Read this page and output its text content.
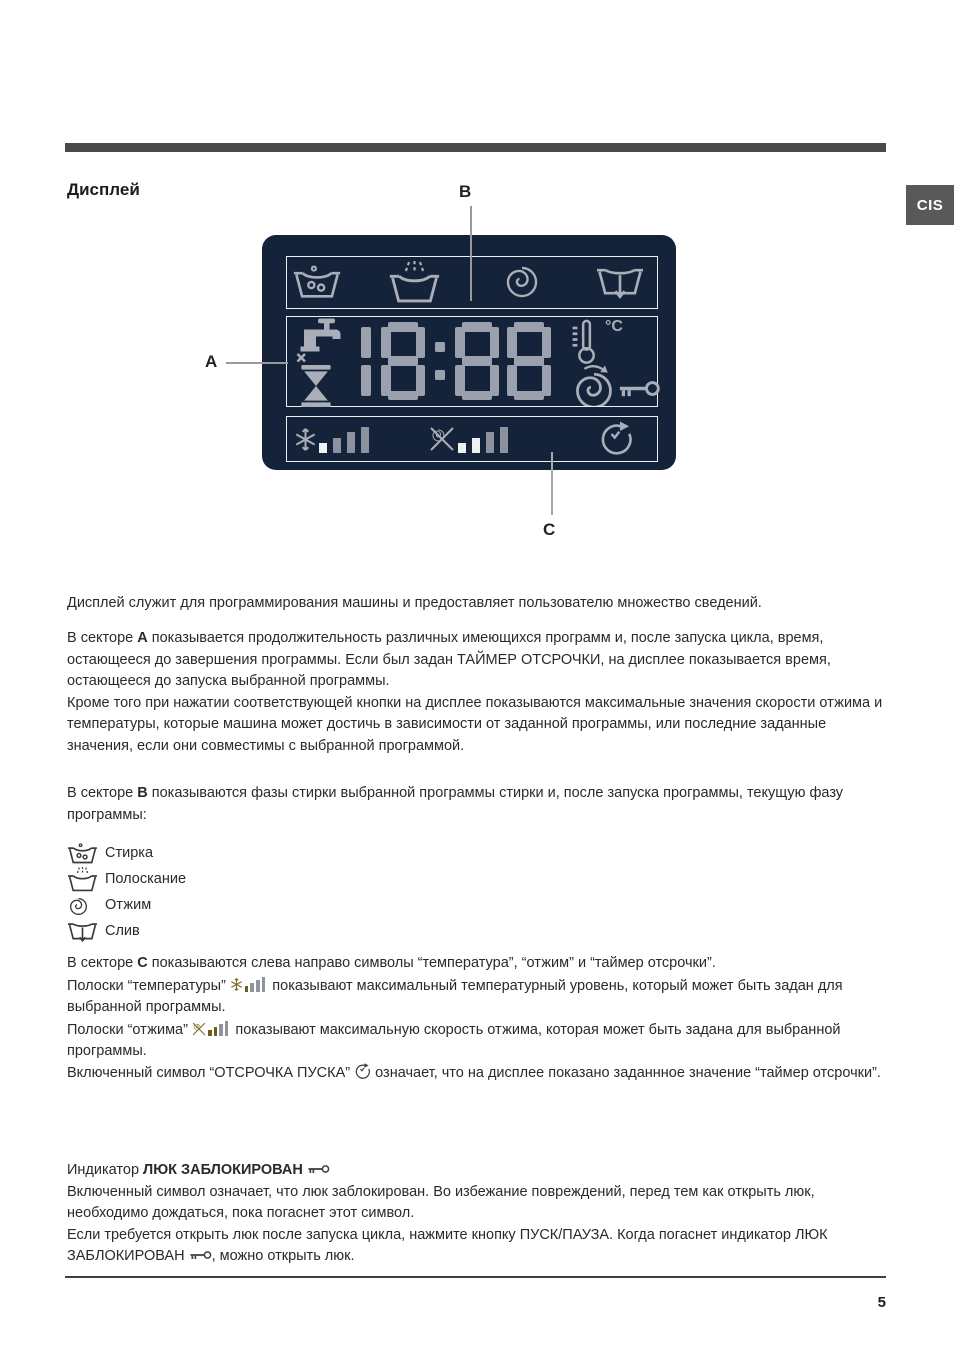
Дисплей
CIS
B
A
C
°C
Дисплей служит для программирования машины и предоставляет пользователю множество сведений.
В секторе A показывается продолжительность различных имеющихся программ и, после запуска цикла, время, остающееся до завершения программы. Если был задан ТАЙМЕР ОТСРОЧКИ, на дисплее показывается время, остающееся до запуска выбранной программы.
Кроме того при нажатии соответствующей кнопки на дисплее показываются максимальные значения скорости отжима и температуры, которые машина может достичь в зависимости от заданной программы, или последние заданные значения, если они совместимы с выбранной программой.
В секторе B показываются фазы стирки выбранной программы стирки и, после запуска программы, текущую фазу программы:
Стирка
Полоскание
Отжим
Слив
В секторе C показываются слева направо символы “температура”, “отжим” и “таймер отсрочки”.
Полоски “температуры”	показывают максимальный температурный уровень, который может быть задан для выбранной программы.
Полоски “отжима”	показывают максимальную скорость отжима, которая может быть задана для выбранной программы.
Включенный символ “ОТСРОЧКА ПУСКА”  означает, что на дисплее показано заданнное значение “таймер отсрочки”.
Индикатор ЛЮК ЗАБЛОКИРОВАН
Включенный символ означает, что люк заблокирован. Во избежание повреждений, перед тем как открыть люк, необходимо дождаться, пока погаснет этот символ.
Если требуется открыть люк после запуска цикла, нажмите кнопку ПУСК/ПАУЗА. Когда погаснет индикатор ЛЮК ЗАБЛОКИРОВАН , можно открыть люк.
5
